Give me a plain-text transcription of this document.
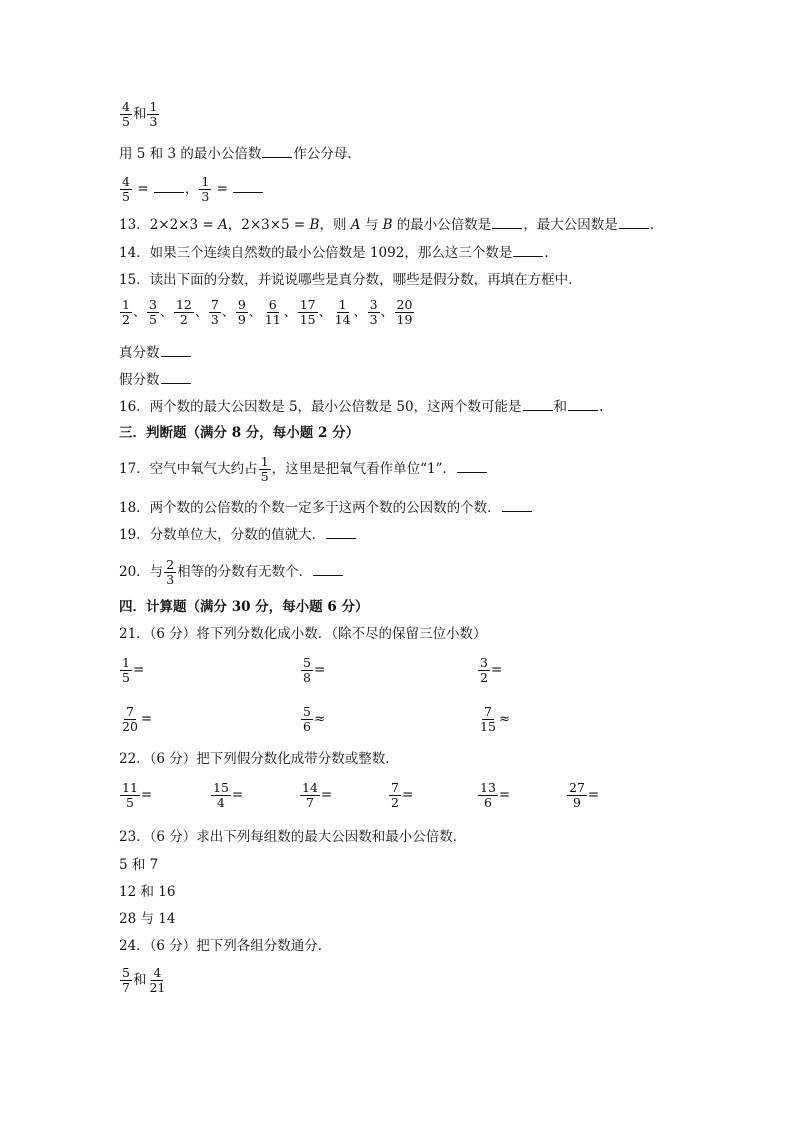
$\frac{4}{5}$ 和 $\frac{1}{3}$
用 5 和 3 的最小公倍数 作公分母.
$\frac{4}{5}$ = ， $\frac{1}{3}$ =
13．2×2×3 = A，2×3×5 = B，则 A 与 B 的最小公倍数是 ，最大公因数是 .
14．如果三个连续自然数的最小公倍数是 1092，那么这三个数是 .
15．读出下面的分数，并说说哪些是真分数，哪些是假分数，再填在方框中.
$\frac{1}{2}$ 、 $\frac{3}{5}$ 、 $\frac{12}{2}$ 、 $\frac{7}{3}$ 、 $\frac{9}{9}$ 、 $\frac{6}{11}$ 、 $\frac{17}{15}$ 、 $\frac{1}{14}$ 、 $\frac{3}{3}$ 、 $\frac{20}{19}$
真分数
假分数
16．两个数的最大公因数是 5，最小公倍数是 50，这两个数可能是 和 .
三．判断题（满分 8 分，每小题 2 分）
17．空气中氧气大约占 $\frac{1}{5}$ ，这里是把氧气看作单位“1”．
18．两个数的公倍数的个数一定多于这两个数的公因数的个数．
19．分数单位大，分数的值就大．
20．与 $\frac{2}{3}$ 相等的分数有无数个．
四．计算题（满分 30 分，每小题 6 分）
21．（6 分）将下列分数化成小数．（除不尽的保留三位小数）
$\frac{1}{5}$ =	$\frac{5}{8}$ =	$\frac{3}{2}$ =
$\frac{7}{20}$ =	$\frac{5}{6}$ ≈	$\frac{7}{15}$ ≈
22．（6 分）把下列假分数化成带分数或整数．
$\frac{11}{5}$ =	$\frac{15}{4}$ =	$\frac{14}{7}$ =	$\frac{7}{2}$ =	$\frac{13}{6}$ =	$\frac{27}{9}$ =
23．（6 分）求出下列每组数的最大公因数和最小公倍数．
5 和 7
12 和 16
28 与 14
24．（6 分）把下列各组分数通分．
$\frac{5}{7}$ 和 $\frac{4}{21}$
